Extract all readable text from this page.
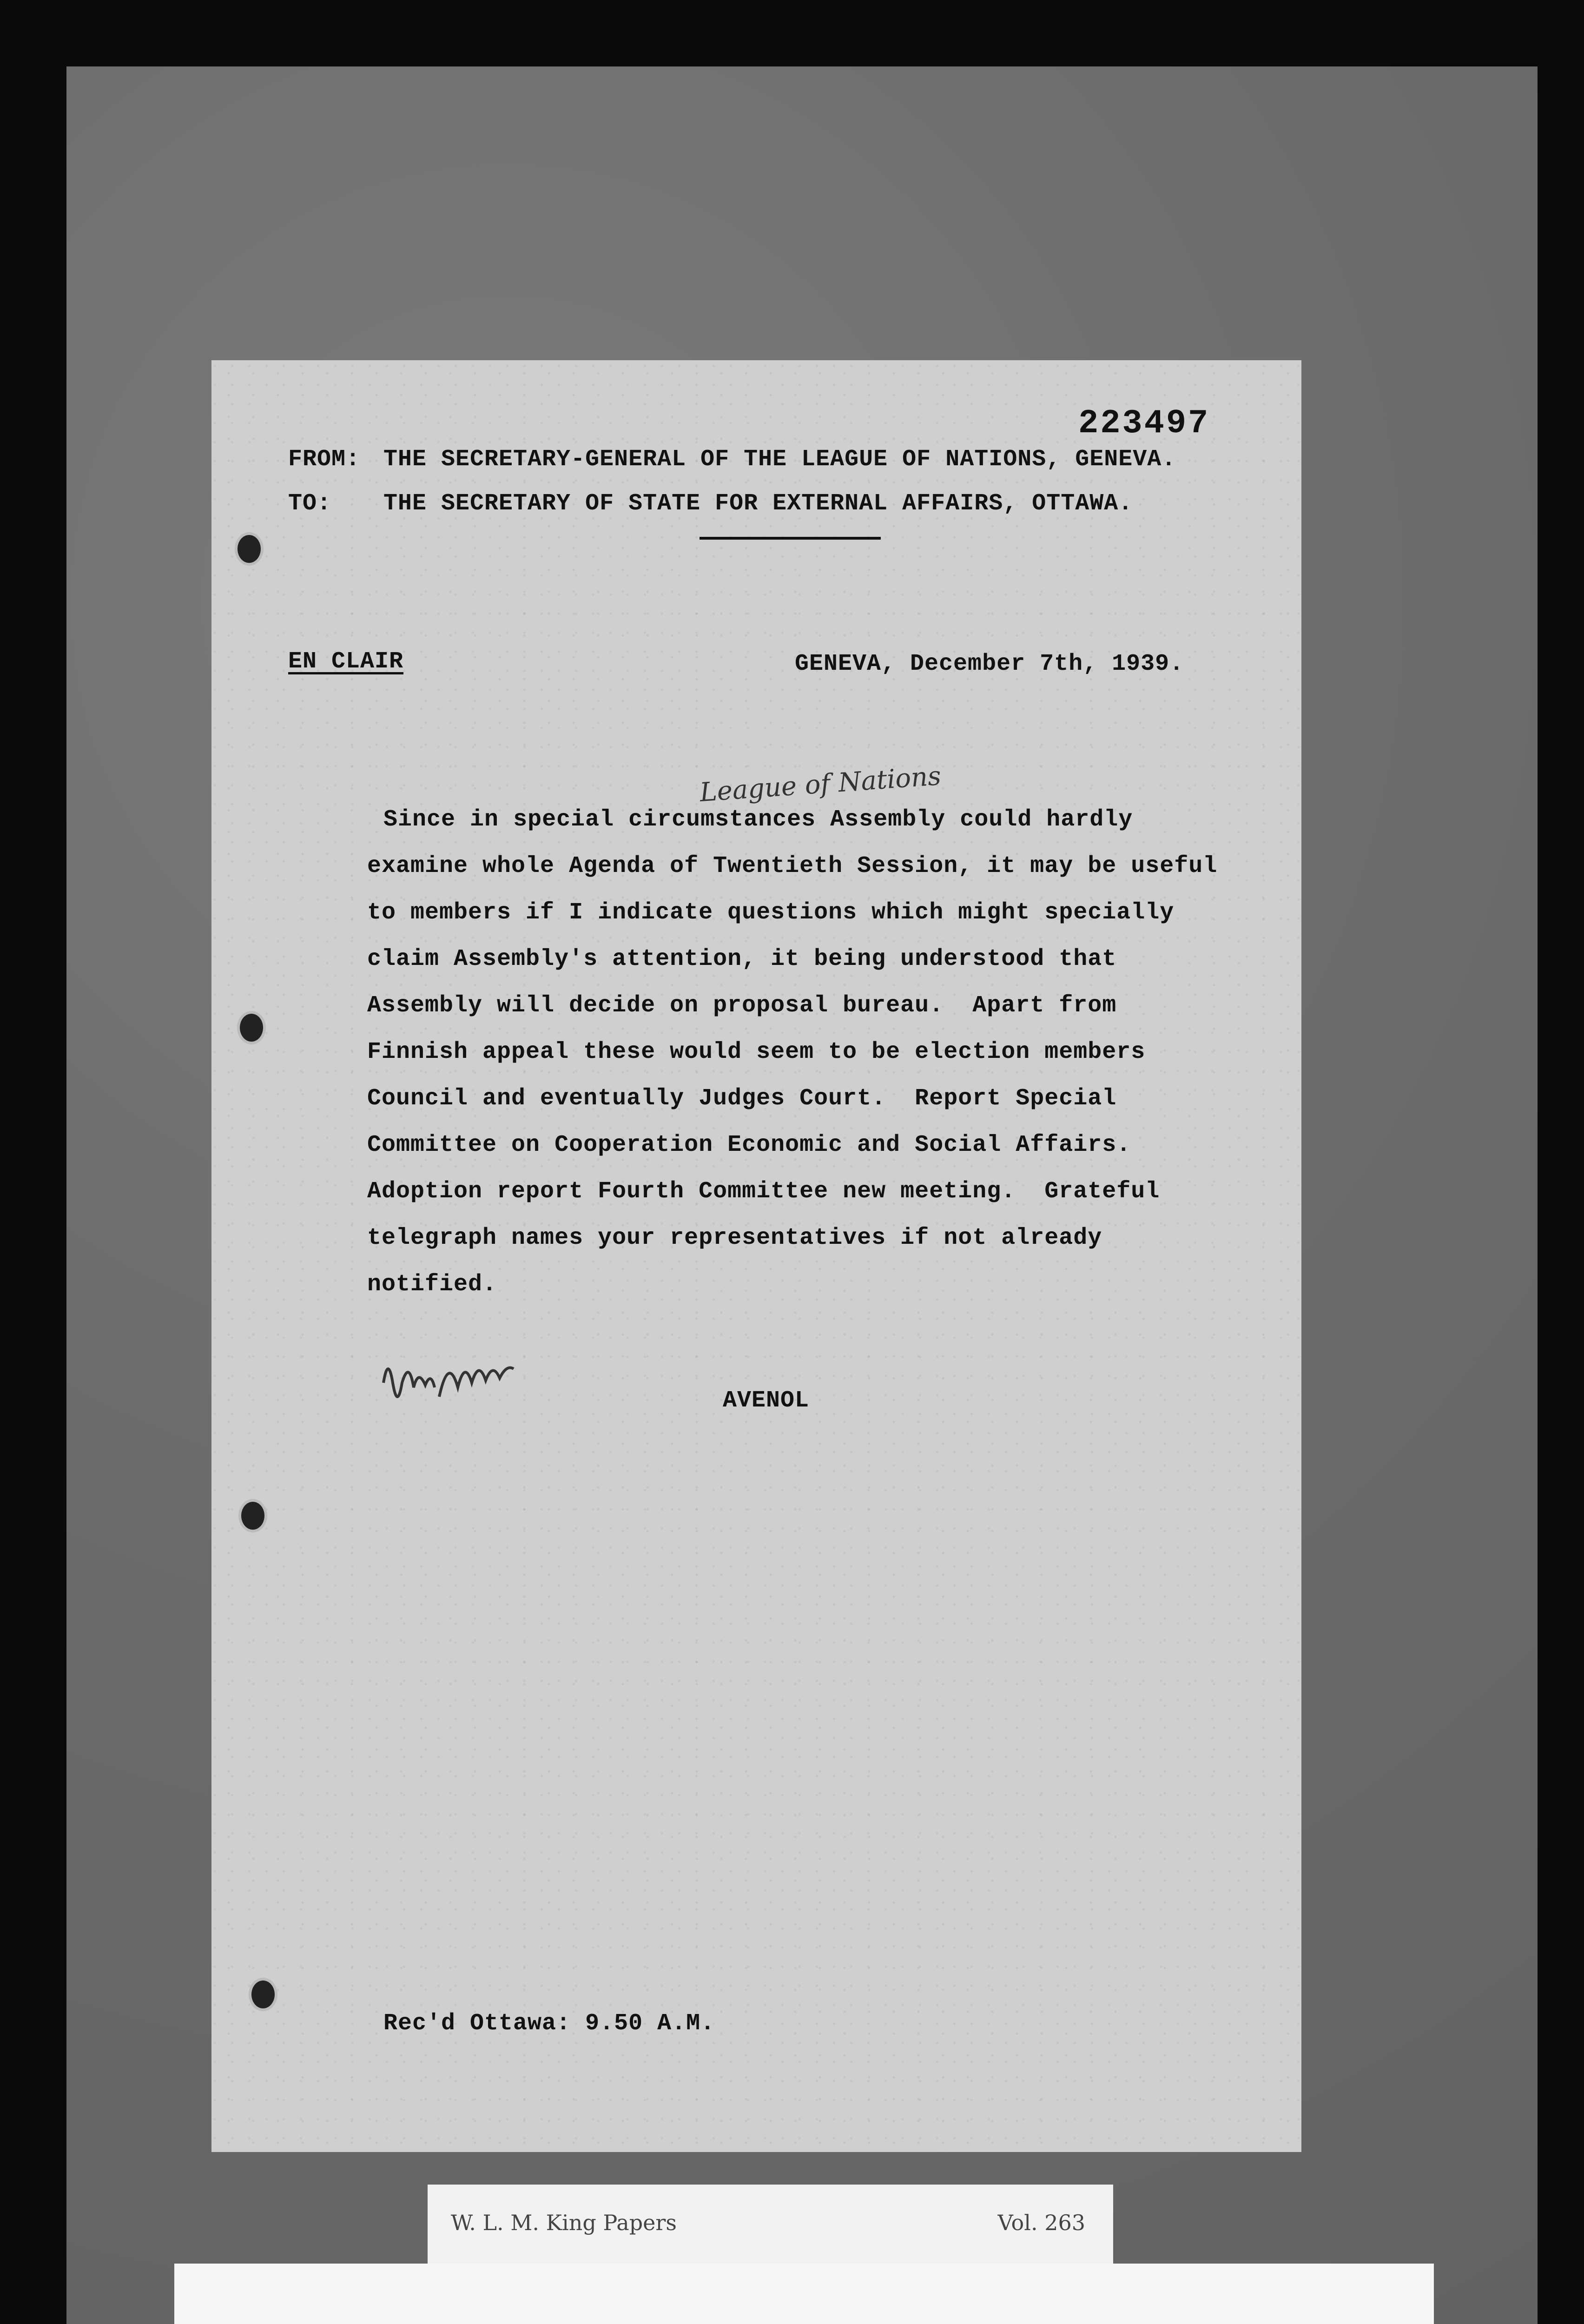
223497
FROM: THE SECRETARY-GENERAL OF THE LEAGUE OF NATIONS, GENEVA.
TO: THE SECRETARY OF STATE FOR EXTERNAL AFFAIRS, OTTAWA.
EN CLAIR	GENEVA, December 7th, 1939.
League of Nations
Since in special circumstances Assembly could hardly
examine whole Agenda of Twentieth Session, it may be useful
to members if I indicate questions which might specially
claim Assembly's attention, it being understood that
Assembly will decide on proposal bureau.  Apart from
Finnish appeal these would seem to be election members
Council and eventually Judges Court.  Report Special
Committee on Cooperation Economic and Social Affairs.
Adoption report Fourth Committee new meeting.  Grateful
telegraph names your representatives if not already
notified.
AVENOL
Rec'd Ottawa: 9.50 A.M.
W. L. M. King Papers	Vol. 263
